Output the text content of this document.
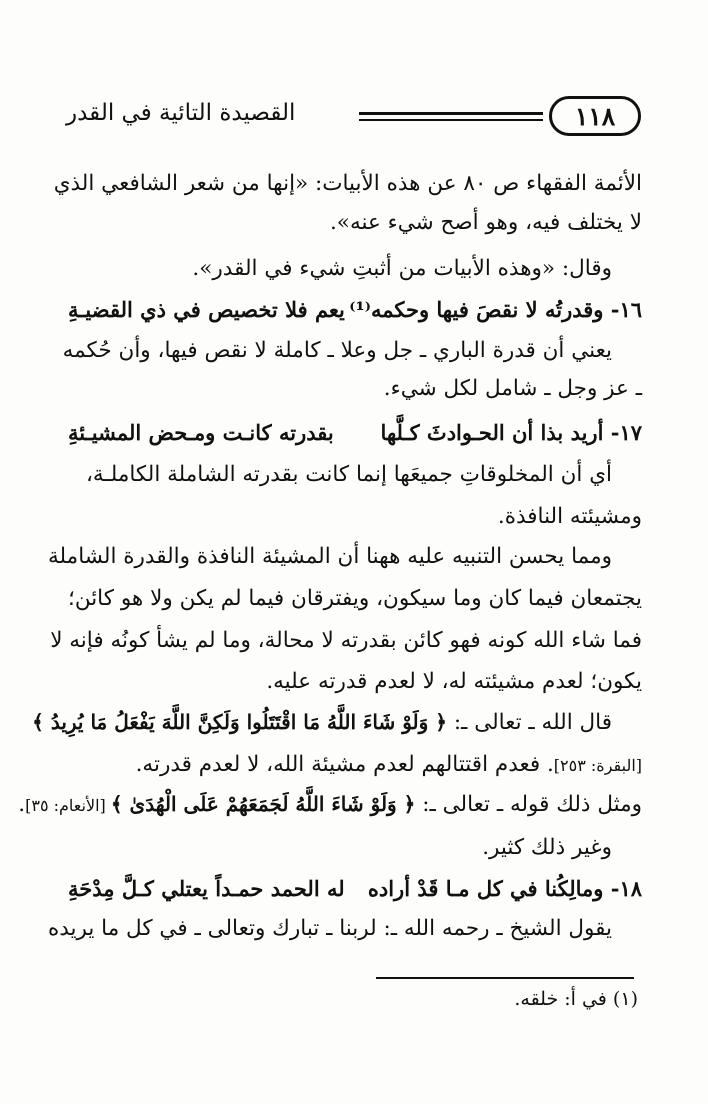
القصيدة التائية في القدر	١١٨
الأئمة الفقهاء ص ٨٠ عن هذه الأبيات: «إنها من شعر الشافعي الذي
لا يختلف فيه، وهو أصح شيء عنه».
وقال: «وهذه الأبيات من أثبتِ شيء في القدر».
١٦- وقدرتُه لا نقصَ فيها وحكمه⁽¹⁾
يعم فلا تخصيص في ذي القضيـةِ
يعني أن قدرة الباري ـ جل وعلا ـ كاملة لا نقص فيها، وأن حُكمه
ـ عز وجل ـ شامل لكل شيء.
١٧- أريد بذا أن الحـوادثَ كـلَّها
بقدرته كانـت ومـحض المشيـئةِ
أي أن المخلوقاتِ جميعَها إنما كانت بقدرته الشاملة الكاملـة،
ومشيئته النافذة.
ومما يحسن التنبيه عليه ههنا أن المشيئة النافذة والقدرة الشاملة
يجتمعان فيما كان وما سيكون، ويفترقان فيما لم يكن ولا هو كائن؛
فما شاء الله كونه فهو كائن بقدرته لا محالة، وما لم يشأ كونُه فإنه لا
يكون؛ لعدم مشيئته له، لا لعدم قدرته عليه.
قال الله ـ تعالى ـ: ﴿ وَلَوْ شَاءَ اللَّهُ مَا اقْتَتَلُوا وَلَكِنَّ اللَّهَ يَفْعَلُ مَا يُرِيدُ ﴾
[البقرة: ٢٥٣]. فعدم اقتتالهم لعدم مشيئة الله، لا لعدم قدرته.
ومثل ذلك قوله ـ تعالى ـ: ﴿ وَلَوْ شَاءَ اللَّهُ لَجَمَعَهُمْ عَلَى الْهُدَىٰ ﴾ [الأنعام: ٣٥].
وغير ذلك كثير.
١٨- ومالِكُنا في كل مـا قَدْ أراده
له الحمد حمـداً يعتلي كـلَّ مِدْحَةِ
يقول الشيخ ـ رحمه الله ـ: لربنا ـ تبارك وتعالى ـ في كل ما يريده
(١) في أ: خلقه.
